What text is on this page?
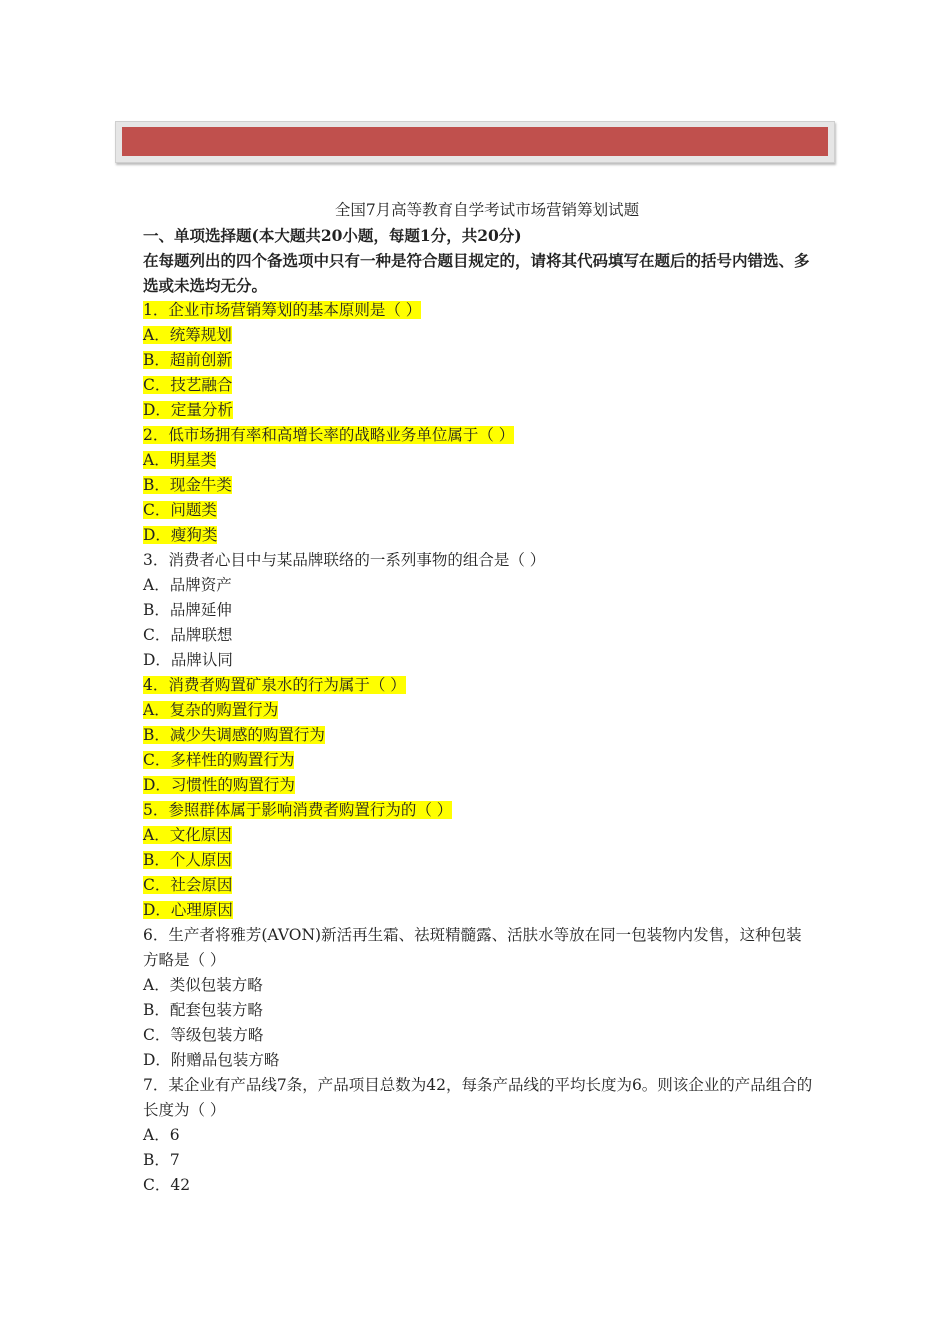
全国7月高等教育自学考试市场营销筹划试题
一、单项选择题(本大题共20小题，每题1分，共20分)
在每题列出的四个备选项中只有一种是符合题目规定的，请将其代码填写在题后的括号内错选、多选或未选均无分。
1．企业市场营销筹划的基本原则是（ ）
A．统筹规划
B．超前创新
C．技艺融合
D．定量分析
2．低市场拥有率和高增长率的战略业务单位属于（ ）
A．明星类
B．现金牛类
C．问题类
D．瘦狗类
3．消费者心目中与某品牌联络的一系列事物的组合是（ ）
A．品牌资产
B．品牌延伸
C．品牌联想
D．品牌认同
4．消费者购置矿泉水的行为属于（ ）
A．复杂的购置行为
B．减少失调感的购置行为
C．多样性的购置行为
D．习惯性的购置行为
5．参照群体属于影响消费者购置行为的（ ）
A．文化原因
B．个人原因
C．社会原因
D．心理原因
6．生产者将雅芳(AVON)新活再生霜、祛斑精髓露、活肤水等放在同一包装物内发售，这种包装方略是（ ）
A．类似包装方略
B．配套包装方略
C．等级包装方略
D．附赠品包装方略
7．某企业有产品线7条，产品项目总数为42，每条产品线的平均长度为6。则该企业的产品组合的长度为（ ）
A．6
B．7
C．42
